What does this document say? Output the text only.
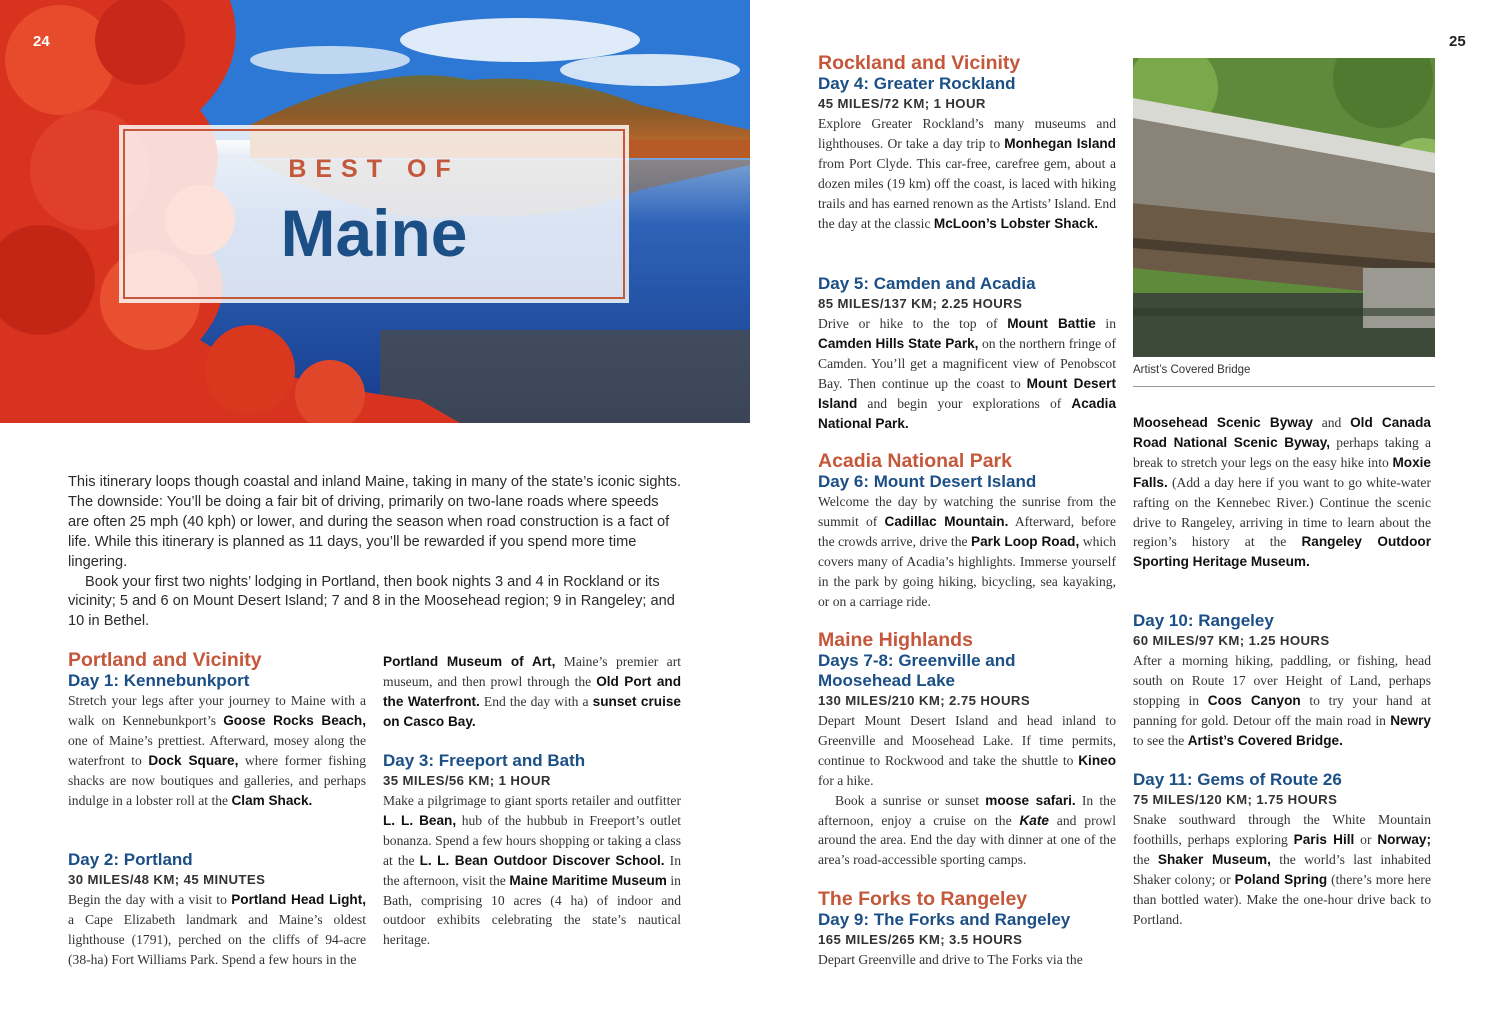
BEST OF
Maine
24	25

This itinerary loops though coastal and inland Maine, taking in many of the state’s iconic sights. The downside: You’ll be doing a fair bit of driving, primarily on two-lane roads where speeds are often 25 mph (40 kph) or lower, and during the season when road construction is a fact of life. While this itinerary is planned as 11 days, you’ll be rewarded if you spend more time lingering.

Book your first two nights’ lodging in Portland, then book nights 3 and 4 in Rockland or its vicinity; 5 and 6 on Mount Desert Island; 7 and 8 in the Moosehead region; 9 in Rangeley; and 10 in Bethel.

Portland and Vicinity
Day 1: Kennebunkport

Stretch your legs after your journey to Maine with a walk on Kennebunkport’s Goose Rocks Beach, one of Maine’s prettiest. Afterward, mosey along the waterfront to Dock Square, where former fishing shacks are now boutiques and galleries, and perhaps indulge in a lobster roll at the Clam Shack.

Day 2: Portland
30 MILES/48 KM; 45 MINUTES

Begin the day with a visit to Portland Head Light, a Cape Elizabeth landmark and Maine’s oldest lighthouse (1791), perched on the cliffs of 94-acre (38-ha) Fort Williams Park. Spend a few hours in the

Portland Museum of Art, Maine’s premier art museum, and then prowl through the Old Port and the Waterfront. End the day with a sunset cruise on Casco Bay.

Day 3: Freeport and Bath
35 MILES/56 KM; 1 HOUR

Make a pilgrimage to giant sports retailer and outfitter L. L. Bean, hub of the hubbub in Freeport’s outlet bonanza. Spend a few hours shopping or taking a class at the L. L. Bean Outdoor Discover School. In the afternoon, visit the Maine Maritime Museum in Bath, comprising 10 acres (4 ha) of indoor and outdoor exhibits celebrating the state’s nautical heritage.

Rockland and Vicinity
Day 4: Greater Rockland
45 MILES/72 KM; 1 HOUR

Explore Greater Rockland’s many museums and lighthouses. Or take a day trip to Monhegan Island from Port Clyde. This car-free, carefree gem, about a dozen miles (19 km) off the coast, is laced with hiking trails and has earned renown as the Artists’ Island. End the day at the classic McLoon’s Lobster Shack.

Day 5: Camden and Acadia
85 MILES/137 KM; 2.25 HOURS

Drive or hike to the top of Mount Battie in Camden Hills State Park, on the northern fringe of Camden. You’ll get a magnificent view of Penobscot Bay. Then continue up the coast to Mount Desert Island and begin your explorations of Acadia National Park.

Acadia National Park
Day 6: Mount Desert Island

Welcome the day by watching the sunrise from the summit of Cadillac Mountain. Afterward, before the crowds arrive, drive the Park Loop Road, which covers many of Acadia’s highlights. Immerse yourself in the park by going hiking, bicycling, sea kayaking, or on a carriage ride.

Maine Highlands
Days 7-8: Greenville and
Moosehead Lake
130 MILES/210 KM; 2.75 HOURS

Depart Mount Desert Island and head inland to Greenville and Moosehead Lake. If time permits, continue to Rockwood and take the shuttle to Kineo for a hike.

Book a sunrise or sunset moose safari. In the afternoon, enjoy a cruise on the Kate and prowl around the area. End the day with dinner at one of the area’s road-accessible sporting camps.

The Forks to Rangeley
Day 9: The Forks and Rangeley
165 MILES/265 KM; 3.5 HOURS

Depart Greenville and drive to The Forks via the

Artist’s Covered Bridge

Moosehead Scenic Byway and Old Canada Road National Scenic Byway, perhaps taking a break to stretch your legs on the easy hike into Moxie Falls. (Add a day here if you want to go white-water rafting on the Kennebec River.) Continue the scenic drive to Rangeley, arriving in time to learn about the region’s history at the Rangeley Outdoor Sporting Heritage Museum.

Day 10: Rangeley
60 MILES/97 KM; 1.25 HOURS

After a morning hiking, paddling, or fishing, head south on Route 17 over Height of Land, perhaps stopping in Coos Canyon to try your hand at panning for gold. Detour off the main road in Newry to see the Artist’s Covered Bridge.

Day 11: Gems of Route 26
75 MILES/120 KM; 1.75 HOURS

Snake southward through the White Mountain foothills, perhaps exploring Paris Hill or Norway; the Shaker Museum, the world’s last inhabited Shaker colony; or Poland Spring (there’s more here than bottled water). Make the one-hour drive back to Portland.
